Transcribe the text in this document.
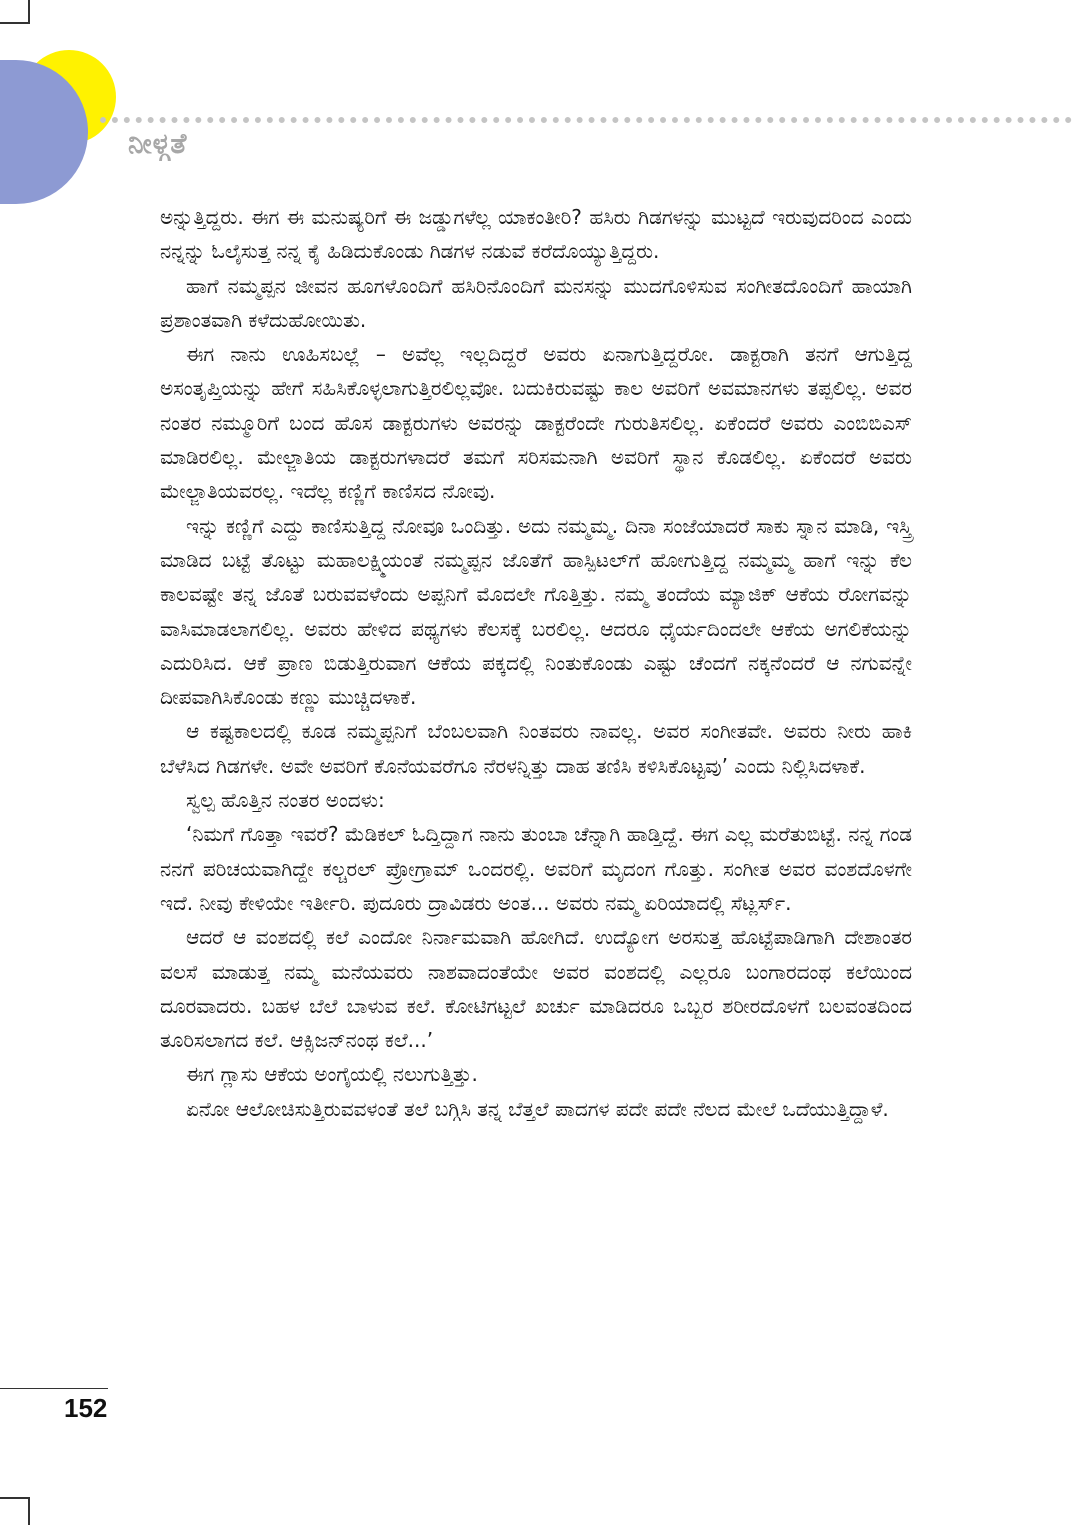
ನೀಳ್ಗತೆ

ಅನ್ನುತ್ತಿದ್ದರು. ಈಗ ಈ ಮನುಷ್ಯರಿಗೆ ಈ ಜಡ್ಡುಗಳೆಲ್ಲ ಯಾಕಂತೀರಿ? ಹಸಿರು ಗಿಡಗಳನ್ನು ಮುಟ್ಟದೆ ಇರುವುದರಿಂದ ಎಂದು ನನ್ನನ್ನು ಓಲೈಸುತ್ತ ನನ್ನ ಕೈ ಹಿಡಿದುಕೊಂಡು ಗಿಡಗಳ ನಡುವೆ ಕರೆದೊಯ್ಯುತ್ತಿದ್ದರು.

ಹಾಗೆ ನಮ್ಮಪ್ಪನ ಜೀವನ ಹೂಗಳೊಂದಿಗೆ ಹಸಿರಿನೊಂದಿಗೆ ಮನಸನ್ನು ಮುದಗೊಳಿಸುವ ಸಂಗೀತದೊಂದಿಗೆ ಹಾಯಾಗಿ ಪ್ರಶಾಂತವಾಗಿ ಕಳೆದುಹೋಯಿತು.

ಈಗ ನಾನು ಊಹಿಸಬಲ್ಲೆ – ಅವೆಲ್ಲ ಇಲ್ಲದಿದ್ದರೆ ಅವರು ಏನಾಗುತ್ತಿದ್ದರೋ. ಡಾಕ್ಟರಾಗಿ ತನಗೆ ಆಗುತ್ತಿದ್ದ ಅಸಂತೃಪ್ತಿಯನ್ನು ಹೇಗೆ ಸಹಿಸಿಕೊಳ್ಳಲಾಗುತ್ತಿರಲಿಲ್ಲವೋ. ಬದುಕಿರುವಷ್ಟು ಕಾಲ ಅವರಿಗೆ ಅವಮಾನಗಳು ತಪ್ಪಲಿಲ್ಲ. ಅವರ ನಂತರ ನಮ್ಮೂರಿಗೆ ಬಂದ ಹೊಸ ಡಾಕ್ಟರುಗಳು ಅವರನ್ನು ಡಾಕ್ಟರೆಂದೇ ಗುರುತಿಸಲಿಲ್ಲ. ಏಕೆಂದರೆ ಅವರು ಎಂಬಿಬಿಎಸ್ ಮಾಡಿರಲಿಲ್ಲ. ಮೇಲ್ಜಾತಿಯ ಡಾಕ್ಟರುಗಳಾದರೆ ತಮಗೆ ಸರಿಸಮನಾಗಿ ಅವರಿಗೆ ಸ್ಥಾನ ಕೊಡಲಿಲ್ಲ. ಏಕೆಂದರೆ ಅವರು ಮೇಲ್ಜಾತಿಯವರಲ್ಲ. ಇದೆಲ್ಲ ಕಣ್ಣಿಗೆ ಕಾಣಿಸದ ನೋವು.

ಇನ್ನು ಕಣ್ಣಿಗೆ ಎದ್ದು ಕಾಣಿಸುತ್ತಿದ್ದ ನೋವೂ ಒಂದಿತ್ತು. ಅದು ನಮ್ಮಮ್ಮ. ದಿನಾ ಸಂಜೆಯಾದರೆ ಸಾಕು ಸ್ನಾನ ಮಾಡಿ, ಇಸ್ತ್ರಿ ಮಾಡಿದ ಬಟ್ಟೆ ತೊಟ್ಟು ಮಹಾಲಕ್ಷ್ಮಿಯಂತೆ ನಮ್ಮಪ್ಪನ ಜೊತೆಗೆ ಹಾಸ್ಪಿಟಲ್‌ಗೆ ಹೋಗುತ್ತಿದ್ದ ನಮ್ಮಮ್ಮ ಹಾಗೆ ಇನ್ನು ಕೆಲ ಕಾಲವಷ್ಟೇ ತನ್ನ ಜೊತೆ ಬರುವವಳೆಂದು ಅಪ್ಪನಿಗೆ ಮೊದಲೇ ಗೊತ್ತಿತ್ತು. ನಮ್ಮ ತಂದೆಯ ಮ್ಯಾಜಿಕ್ ಆಕೆಯ ರೋಗವನ್ನು ವಾಸಿಮಾಡಲಾಗಲಿಲ್ಲ. ಅವರು ಹೇಳಿದ ಪಥ್ಯಗಳು ಕೆಲಸಕ್ಕೆ ಬರಲಿಲ್ಲ. ಆದರೂ ಧೈರ್ಯದಿಂದಲೇ ಆಕೆಯ ಅಗಲಿಕೆಯನ್ನು ಎದುರಿಸಿದ. ಆಕೆ ಪ್ರಾಣ ಬಿಡುತ್ತಿರುವಾಗ ಆಕೆಯ ಪಕ್ಕದಲ್ಲಿ ನಿಂತುಕೊಂಡು ಎಷ್ಟು ಚೆಂದಗೆ ನಕ್ಕನೆಂದರೆ ಆ ನಗುವನ್ನೇ ದೀಪವಾಗಿಸಿಕೊಂಡು ಕಣ್ಣು ಮುಚ್ಚಿದಳಾಕೆ.

ಆ ಕಷ್ಟಕಾಲದಲ್ಲಿ ಕೂಡ ನಮ್ಮಪ್ಪನಿಗೆ ಬೆಂಬಲವಾಗಿ ನಿಂತವರು ನಾವಲ್ಲ. ಅವರ ಸಂಗೀತವೇ. ಅವರು ನೀರು ಹಾಕಿ ಬೆಳೆಸಿದ ಗಿಡಗಳೇ. ಅವೇ ಅವರಿಗೆ ಕೊನೆಯವರೆಗೂ ನೆರಳನ್ನಿತ್ತು ದಾಹ ತಣಿಸಿ ಕಳಿಸಿಕೊಟ್ಟವು’ ಎಂದು ನಿಲ್ಲಿಸಿದಳಾಕೆ.

ಸ್ವಲ್ಪ ಹೊತ್ತಿನ ನಂತರ ಅಂದಳು:

‘ನಿಮಗೆ ಗೊತ್ತಾ ಇವರೆ? ಮೆಡಿಕಲ್ ಓದ್ತಿದ್ದಾಗ ನಾನು ತುಂಬಾ ಚೆನ್ನಾಗಿ ಹಾಡ್ತಿದ್ದೆ. ಈಗ ಎಲ್ಲ ಮರೆತುಬಿಟ್ಟೆ. ನನ್ನ ಗಂಡ ನನಗೆ ಪರಿಚಯವಾಗಿದ್ದೇ ಕಲ್ಚರಲ್ ಪ್ರೋಗ್ರಾಮ್ ಒಂದರಲ್ಲಿ. ಅವರಿಗೆ ಮೃದಂಗ ಗೊತ್ತು. ಸಂಗೀತ ಅವರ ವಂಶದೊಳಗೇ ಇದೆ. ನೀವು ಕೇಳಿಯೇ ಇರ್ತೀರಿ. ಪುದೂರು ದ್ರಾವಿಡರು ಅಂತ... ಅವರು ನಮ್ಮ ಏರಿಯಾದಲ್ಲಿ ಸೆಟ್ಲರ್ಸ್.

ಆದರೆ ಆ ವಂಶದಲ್ಲಿ ಕಲೆ ಎಂದೋ ನಿರ್ನಾಮವಾಗಿ ಹೋಗಿದೆ. ಉದ್ಯೋಗ ಅರಸುತ್ತ ಹೊಟ್ಟೆಪಾಡಿಗಾಗಿ ದೇಶಾಂತರ ವಲಸೆ ಮಾಡುತ್ತ ನಮ್ಮ ಮನೆಯವರು ನಾಶವಾದಂತೆಯೇ ಅವರ ವಂಶದಲ್ಲಿ ಎಲ್ಲರೂ ಬಂಗಾರದಂಥ ಕಲೆಯಿಂದ ದೂರವಾದರು. ಬಹಳ ಬೆಲೆ ಬಾಳುವ ಕಲೆ. ಕೋಟಿಗಟ್ಟಲೆ ಖರ್ಚು ಮಾಡಿದರೂ ಒಬ್ಬರ ಶರೀರದೊಳಗೆ ಬಲವಂತದಿಂದ ತೂರಿಸಲಾಗದ ಕಲೆ. ಆಕ್ಸಿಜನ್‌ನಂಥ ಕಲೆ...’

ಈಗ ಗ್ಲಾಸು ಆಕೆಯ ಅಂಗೈಯಲ್ಲಿ ನಲುಗುತ್ತಿತ್ತು.

ಏನೋ ಆಲೋಚಿಸುತ್ತಿರುವವಳಂತೆ ತಲೆ ಬಗ್ಗಿಸಿ ತನ್ನ ಬೆತ್ತಲೆ ಪಾದಗಳ ಪದೇ ಪದೇ ನೆಲದ ಮೇಲೆ ಒದೆಯುತ್ತಿದ್ದಾಳೆ.

152
